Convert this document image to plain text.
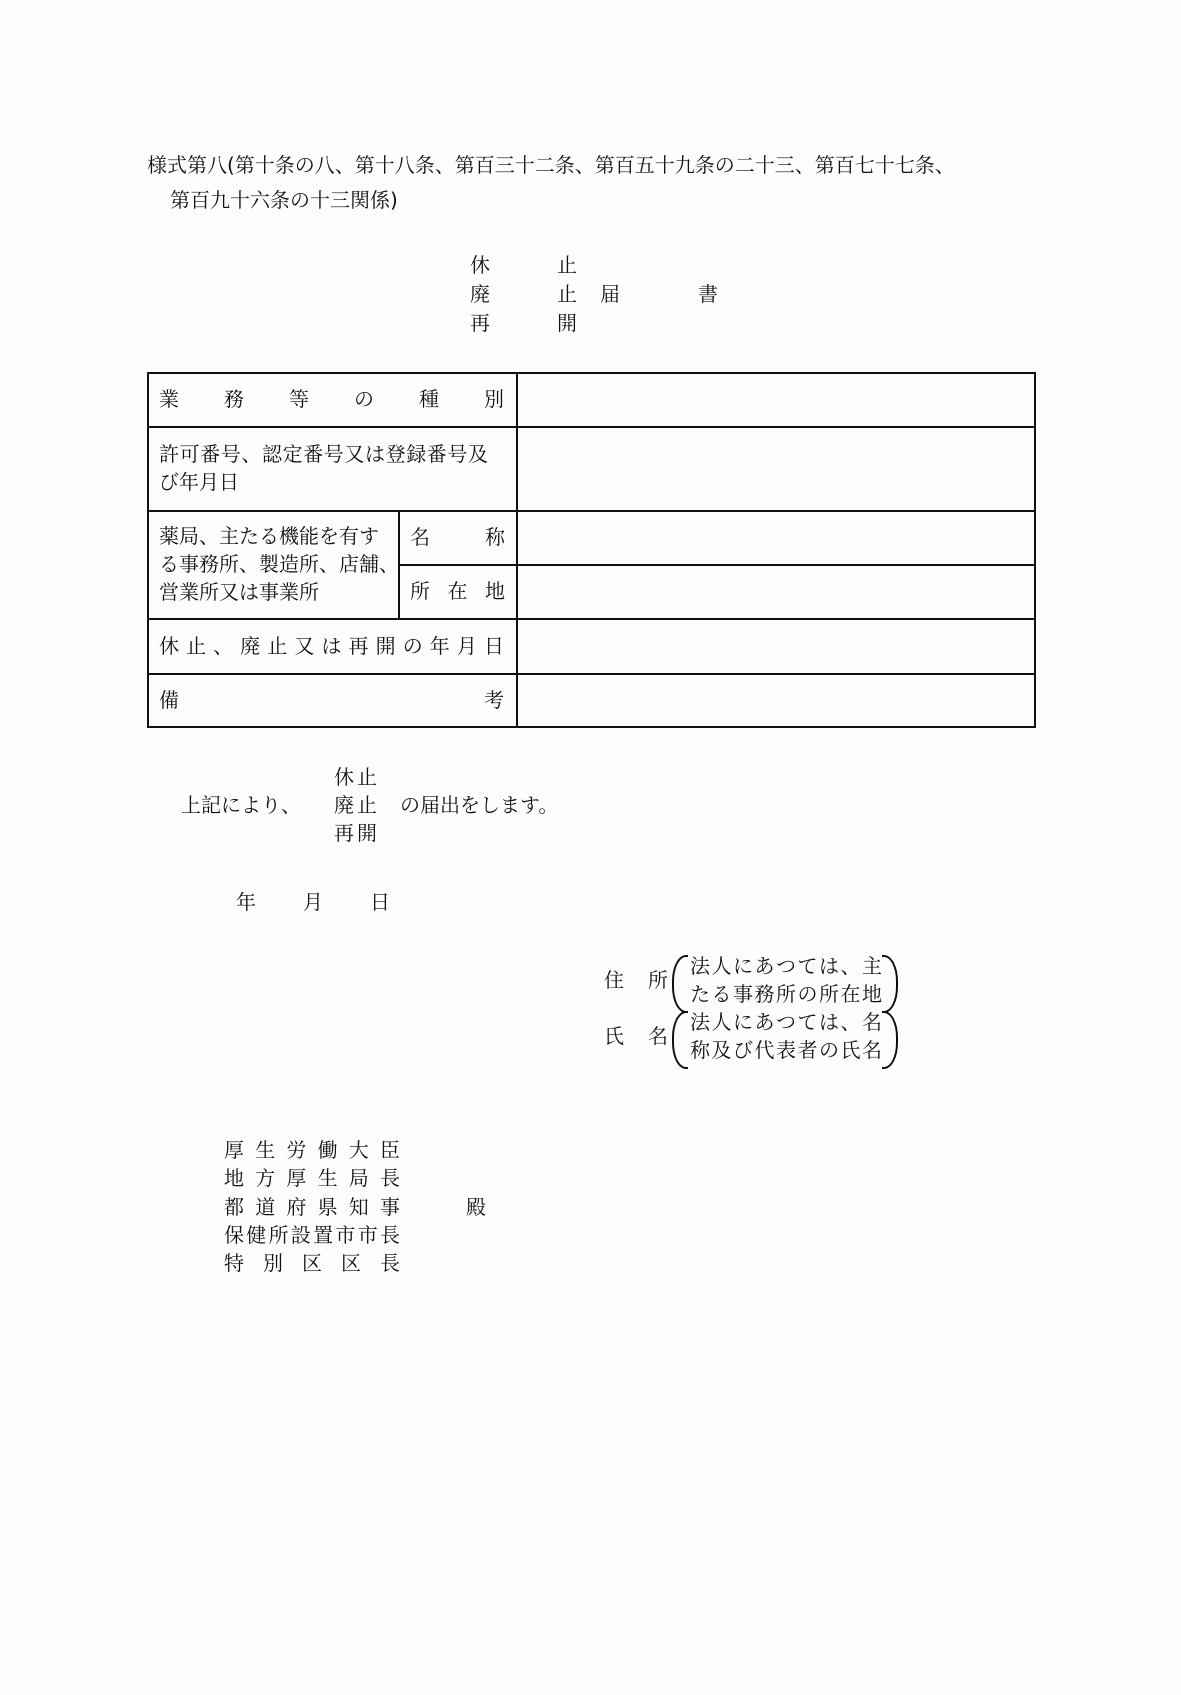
様式第八(第十条の八、第十八条、第百三十二条、第百五十九条の二十三、第百七十七条、
第百九十六条の十三関係)
休
廃
再
止
止
開
届	書
業 務 等 の 種 別
許可番号、認定番号又は登録番号及
び年月日
薬局、主たる機能を有す
る事務所、製造所、店舗、
営業所又は事業所
名	称
所 在 地
休 止 、 廃 止 又 は 再 開 の 年 月 日
備	考
上記により、
休止
廃止
再開
の届出をします。
年 月 日
住 所
法人にあつては、主
たる事務所の所在地
氏 名
法人にあつては、名
称及び代表者の氏名
厚 生 労 働 大 臣
地 方 厚 生 局 長
都 道 府 県 知 事
保 健 所 設 置 市 市 長
特 別 区 区 長
殿
